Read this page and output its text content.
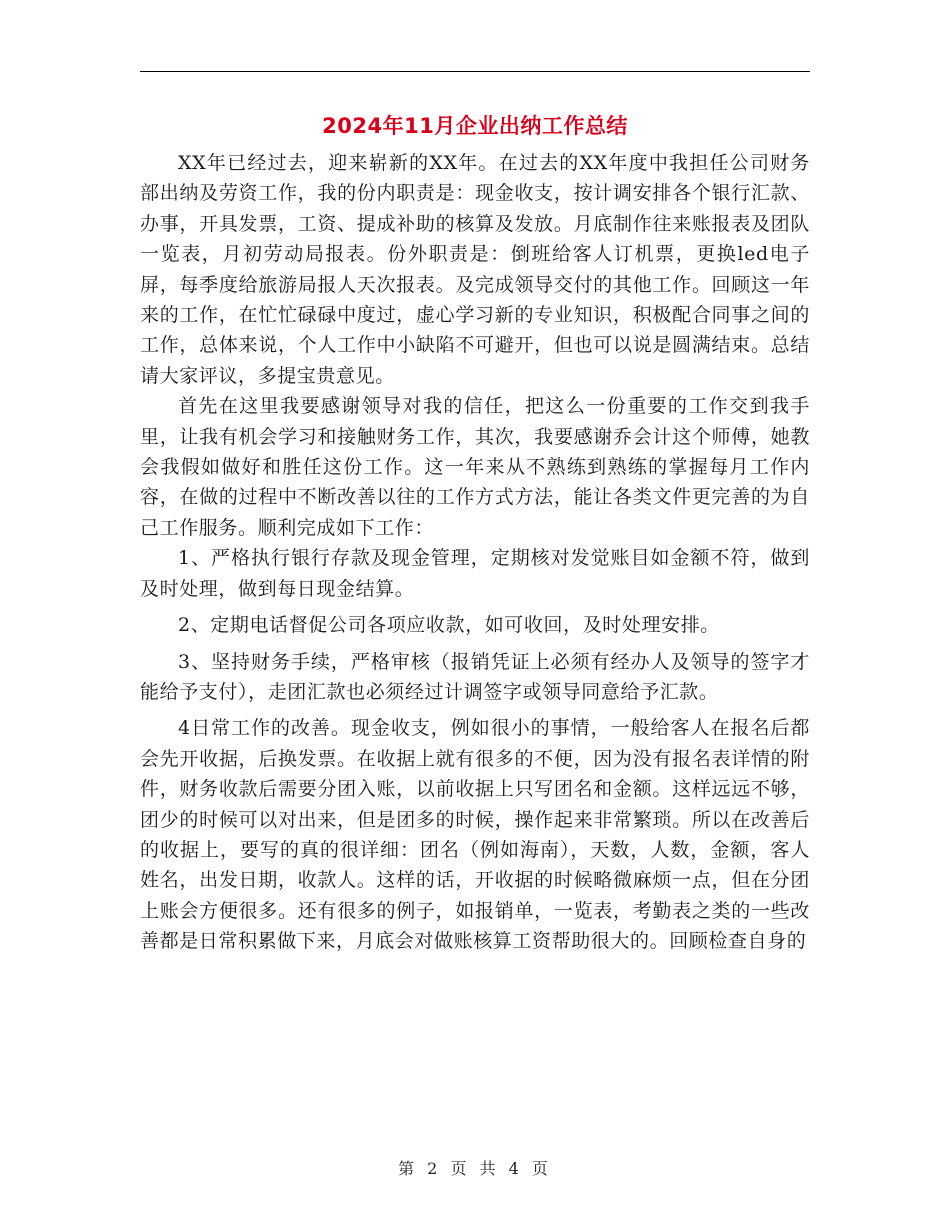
2024年11月企业出纳工作总结

XX年已经过去，迎来崭新的XX年。在过去的XX年度中我担任公司财务部出纳及劳资工作，我的份内职责是：现金收支，按计调安排各个银行汇款、办事，开具发票，工资、提成补助的核算及发放。月底制作往来账报表及团队一览表，月初劳动局报表。份外职责是：倒班给客人订机票，更换led电子屏，每季度给旅游局报人天次报表。及完成领导交付的其他工作。回顾这一年来的工作，在忙忙碌碌中度过，虚心学习新的专业知识，积极配合同事之间的工作，总体来说，个人工作中小缺陷不可避开，但也可以说是圆满结束。总结请大家评议，多提宝贵意见。

首先在这里我要感谢领导对我的信任，把这么一份重要的工作交到我手里，让我有机会学习和接触财务工作，其次，我要感谢乔会计这个师傅，她教会我假如做好和胜任这份工作。这一年来从不熟练到熟练的掌握每月工作内容，在做的过程中不断改善以往的工作方式方法，能让各类文件更完善的为自己工作服务。顺利完成如下工作：

1、严格执行银行存款及现金管理，定期核对发觉账目如金额不符，做到及时处理，做到每日现金结算。

2、定期电话督促公司各项应收款，如可收回，及时处理安排。

3、坚持财务手续，严格审核（报销凭证上必须有经办人及领导的签字才能给予支付），走团汇款也必须经过计调签字或领导同意给予汇款。

4日常工作的改善。现金收支，例如很小的事情，一般给客人在报名后都会先开收据，后换发票。在收据上就有很多的不便，因为没有报名表详情的附件，财务收款后需要分团入账，以前收据上只写团名和金额。这样远远不够，团少的时候可以对出来，但是团多的时候，操作起来非常繁琐。所以在改善后的收据上，要写的真的很详细：团名（例如海南），天数，人数，金额，客人姓名，出发日期，收款人。这样的话，开收据的时候略微麻烦一点，但在分团上账会方便很多。还有很多的例子，如报销单，一览表，考勤表之类的一些改善都是日常积累做下来，月底会对做账核算工资帮助很大的。回顾检查自身的

第 2 页 共 4 页
